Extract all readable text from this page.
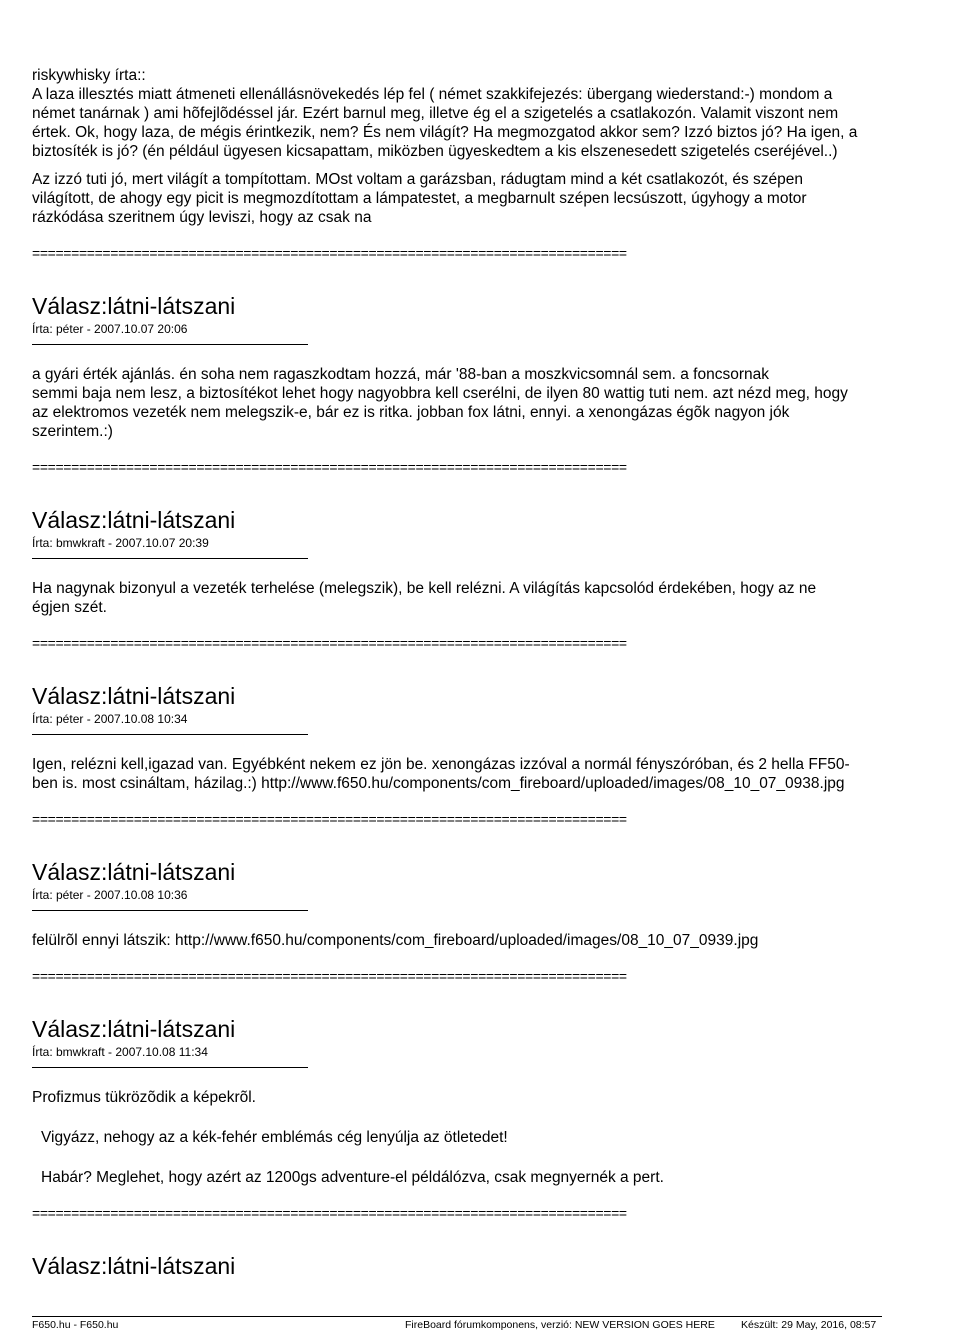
riskywhisky írta::
A laza illesztés miatt átmeneti ellenállásnövekedés lép fel ( német szakkifejezés: übergang wiederstand:-) mondom a
német tanárnak ) ami hõfejlõdéssel jár. Ezért barnul meg, illetve ég el a szigetelés a csatlakozón. Valamit viszont nem
értek. Ok, hogy laza, de mégis érintkezik, nem? És nem világít? Ha megmozgatod akkor sem? Izzó biztos jó? Ha igen, a
biztosíték is jó? (én például ügyesen kicsapattam, miközben ügyeskedtem a kis elszenesedett szigetelés cseréjével..)
Az izzó tuti jó, mert világít a tompítottam. MOst voltam a garázsban, rádugtam mind a két csatlakozót, és szépen
világított, de ahogy egy picit is megmozdítottam a lámpatestet, a megbarnult szépen lecsúszott, úgyhogy a motor
rázkódása szeritnem úgy leviszi, hogy az csak na
============================================================================
Válasz:látni-látszani
Írta: péter - 2007.10.07 20:06
a gyári érték ajánlás. én soha nem ragaszkodtam hozzá, már '88-ban a moszkvicsomnál sem. a foncsornak
semmi baja nem lesz, a biztosítékot lehet hogy nagyobbra kell cserélni, de ilyen 80 wattig tuti nem. azt nézd meg, hogy
az elektromos vezeték nem melegszik-e, bár ez is ritka. jobban fox látni, ennyi. a xenongázas égõk nagyon jók
szerintem.:)
============================================================================
Válasz:látni-látszani
Írta: bmwkraft - 2007.10.07 20:39
Ha nagynak bizonyul a vezeték terhelése (melegszik), be kell relézni. A világítás kapcsolód érdekében, hogy az ne
égjen szét.
============================================================================
Válasz:látni-látszani
Írta: péter - 2007.10.08 10:34
Igen, relézni kell,igazad van. Egyébként nekem ez jön be. xenongázas izzóval a normál fényszóróban, és 2 hella FF50-
ben is. most csináltam, házilag.:) http://www.f650.hu/components/com_fireboard/uploaded/images/08_10_07_0938.jpg
============================================================================
Válasz:látni-látszani
Írta: péter - 2007.10.08 10:36
felülrõl ennyi látszik: http://www.f650.hu/components/com_fireboard/uploaded/images/08_10_07_0939.jpg
============================================================================
Válasz:látni-látszani
Írta: bmwkraft - 2007.10.08 11:34
Profizmus tükrözõdik a képekrõl.
Vigyázz, nehogy az a kék-fehér emblémás cég lenyúljа az ötletedet!
Habár? Meglehet, hogy azért az 1200gs adventure-el példálózva, csak megnyernék a pert.
============================================================================
Válasz:látni-látszani
F650.hu - F650.hu	FireBoard fórumkomponens, verzió: NEW VERSION GOES HERE Készült: 29 May, 2016, 08:57
